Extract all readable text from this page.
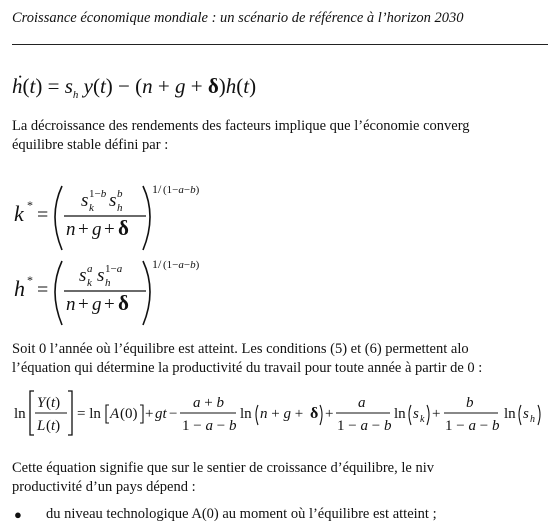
Croissance économique mondiale : un scénario de référence à l’horizon 2030
ḣ(t) = $s_h$ y(t) − (n + g + δ)h(t)
La décroissance des rendements des facteurs implique que l’économie converg
équilibre stable défini par :
k * =
s k
1−b s h
b
n + g + δ
1/ (1−a−b)
h * =
s k
a s h
1−a
n + g + δ
1/ (1−a−b)
Soit 0 l’année où l’équilibre est atteint. Les conditions (5) et (6) permettent alo
l’équation qui détermine la productivité du travail pour toute année à partir de 0 :
ln
Y (t)
L (t)
= ln A (0) + gt −
a + b
1 − a − b
ln n + g + δ +
a
1 − a − b
ln s k +
b
1 − a − b
ln s h
Cette équation signifie que sur le sentier de croissance d’équilibre, le niv
productivité d’un pays dépend :
● du niveau technologique A(0) au moment où l’équilibre est atteint ;
